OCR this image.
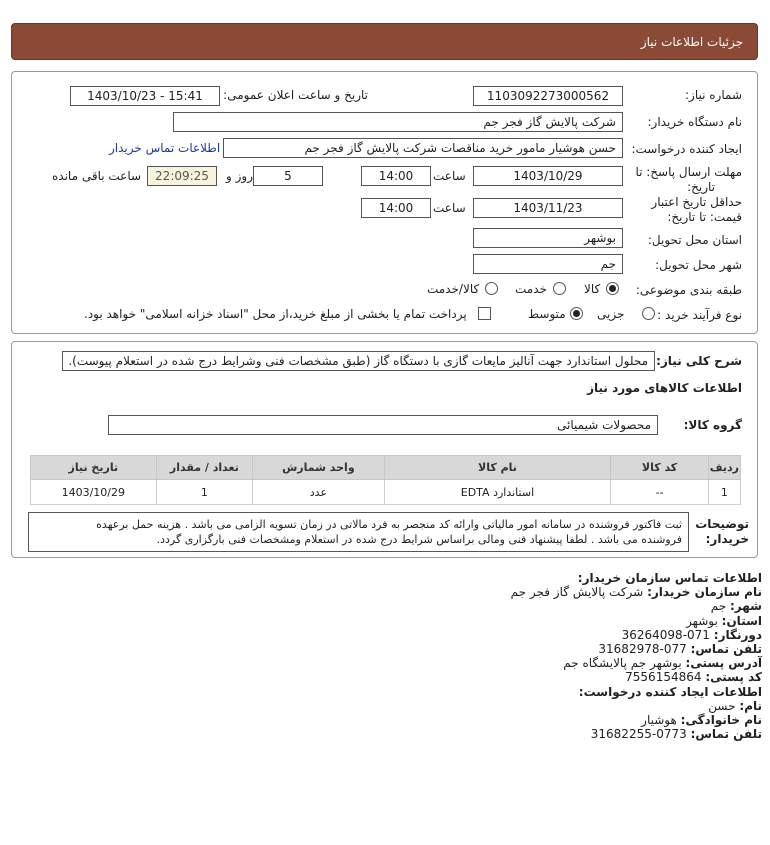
جزئیات اطلاعات نیاز
شماره نیاز:
1103092273000562
تاریخ و ساعت اعلان عمومی:
1403/10/23 - 15:41
نام دستگاه خریدار:
شرکت پالایش گاز فجر جم
ایجاد کننده درخواست:
حسن هوشیار مامور خرید مناقصات شرکت پالایش گاز فجر جم
اطلاعات تماس خریدار
مهلت ارسال پاسخ: تا
تاریخ:
1403/10/29
ساعت
14:00
5
روز و
22:09:25
ساعت باقی مانده
حداقل تاریخ اعتبار
قیمت: تا تاریخ:
1403/11/23
ساعت
14:00
استان محل تحویل:
بوشهر
شهر محل تحویل:
جم
طبقه بندی موضوعی:
کالا
خدمت
کالا/خدمت
نوع فرآیند خرید :
جزیی
متوسط
پرداخت تمام یا بخشی از مبلغ خرید،از محل "اسناد خزانه اسلامی" خواهد بود.
شرح کلی نیاز:
محلول استاندارد جهت آنالیز مایعات گازی با دستگاه گاز (طبق مشخصات فنی وشرایط درج شده در استعلام پیوست).
اطلاعات کالاهای مورد نیاز
گروه کالا:
محصولات شیمیائی
ردیف	کد کالا	نام کالا	واحد شمارش	تعداد / مقدار	تاریخ نیاز
1	--	استاندارد EDTA	عدد	1	1403/10/29
توضیحات
خریدار:
ثبت فاکتور فروشنده در سامانه امور مالیاتی وارائه کد منجصر به فرد مالاتی در زمان تسویه الزامی می باشد . هزینه حمل برعهده
فروشنده می باشد . لطفا پیشنهاد فنی ومالی براساس شرایط درج شده در استعلام ومشخصات فنی بارگزاری گردد.
اطلاعات تماس سازمان خریدار:
نام سازمان خریدار: شرکت پالایش گاز فجر جم
شهر: جم
استان: بوشهر
دورنگار: 071-36264098
تلفن تماس: 077-31682978
آدرس پستی: بوشهر جم پالایشگاه جم
کد پستی: 7556154864
اطلاعات ایجاد کننده درخواست:
نام: حسن
نام خانوادگی: هوشیار
تلفن تماس: 0773-31682255
